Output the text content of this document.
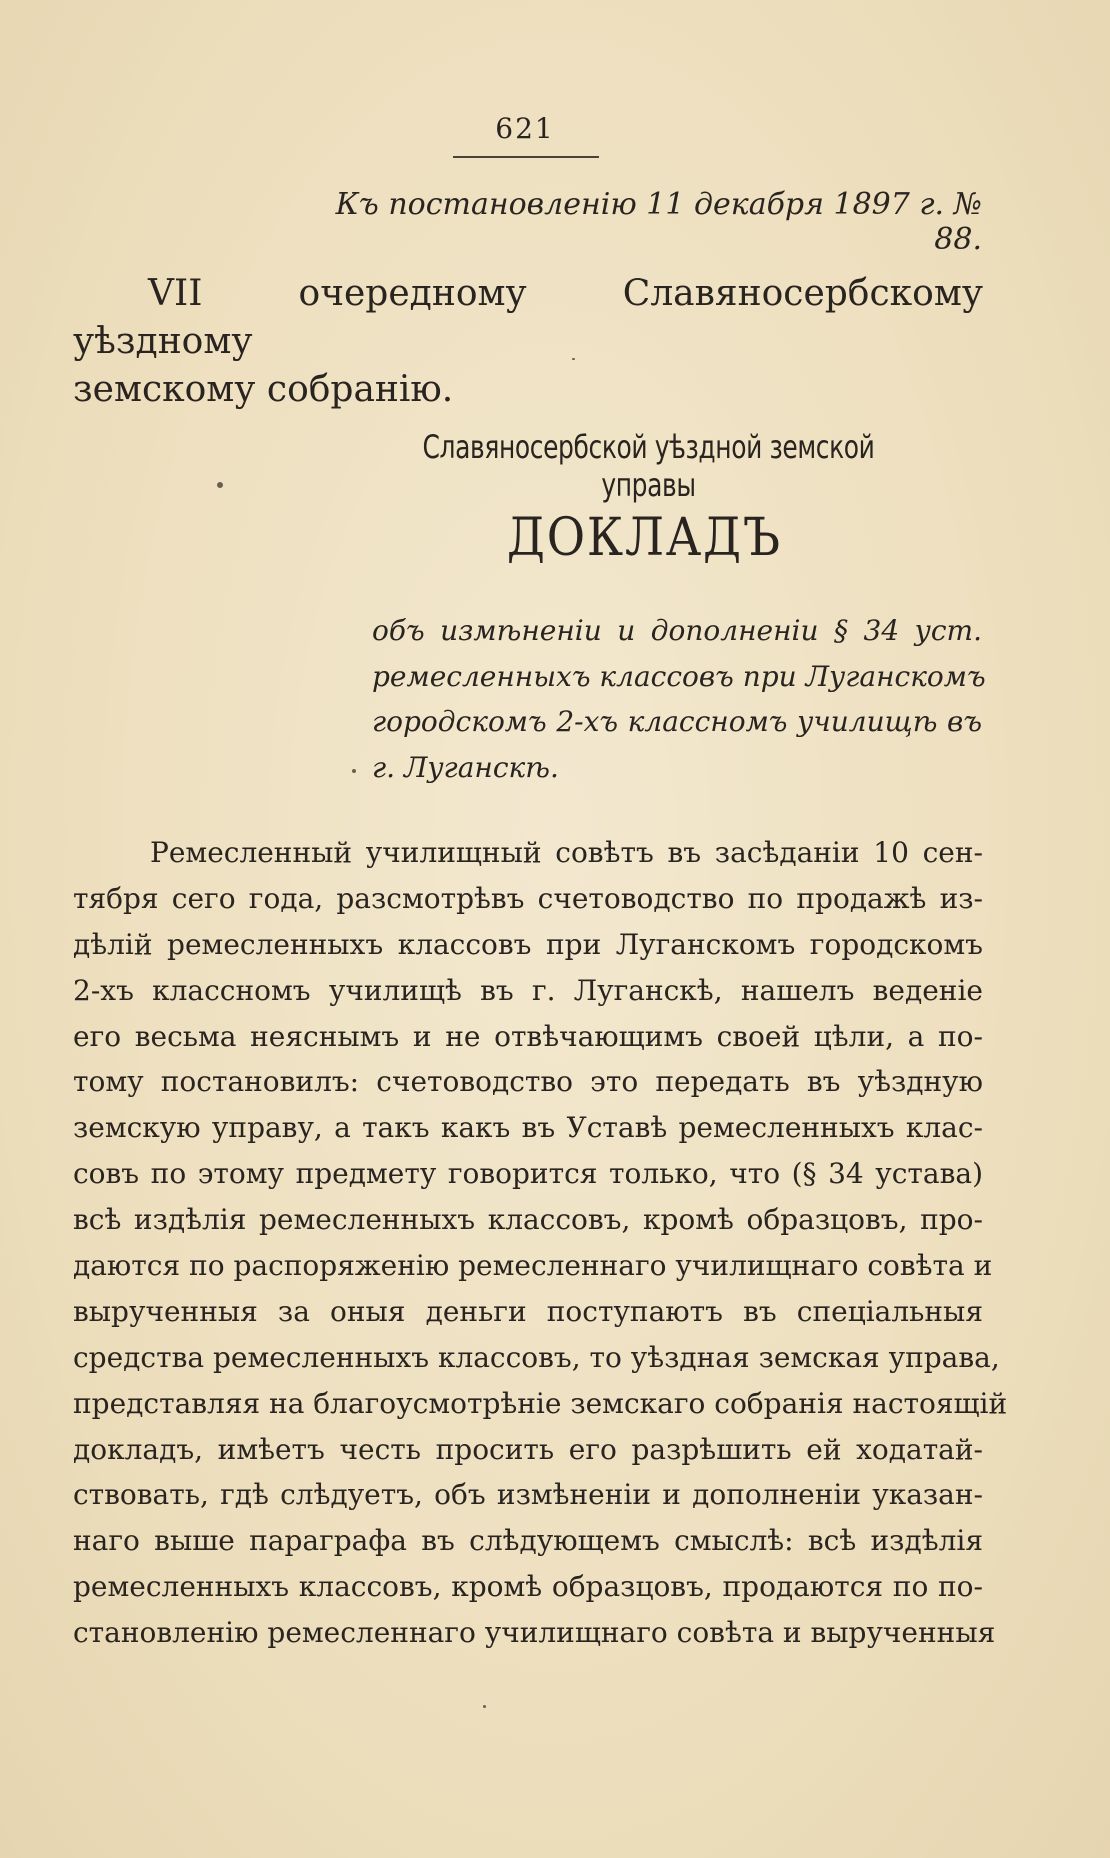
621
Къ постановленію 11 декабря 1897 г. № 88.
VII очередному Славяносербскому уѣздному
земскому собранію.
Славяносербской уѣздной земской управы
ДОКЛАДЪ
объ измѣненіи и дополненіи § 34 уст.
ремесленныхъ классовъ при Луганскомъ
городскомъ 2-хъ классномъ училищѣ въ
г. Луганскѣ.
Ремесленный училищный совѣтъ въ засѣданіи 10 сен-
тября сего года, разсмотрѣвъ счетоводство по продажѣ из-
дѣлій ремесленныхъ классовъ при Луганскомъ городскомъ
2-хъ классномъ училищѣ въ г. Луганскѣ, нашелъ веденіе
его весьма неяснымъ и не отвѣчающимъ своей цѣли, а по-
тому постановилъ: счетоводство это передать въ уѣздную
земскую управу, а такъ какъ въ Уставѣ ремесленныхъ клас-
совъ по этому предмету говорится только, что (§ 34 устава)
всѣ издѣлія ремесленныхъ классовъ, кромѣ образцовъ, про-
даются по распоряженію ремесленнаго училищнаго совѣта и
вырученныя за оныя деньги поступаютъ въ спеціальныя
средства ремесленныхъ классовъ, то уѣздная земская управа,
представляя на благоусмотрѣніе земскаго собранія настоящій
докладъ, имѣетъ честь просить его разрѣшить ей ходатай-
ствовать, гдѣ слѣдуетъ, объ измѣненіи и дополненіи указан-
наго выше параграфа въ слѣдующемъ смыслѣ: всѣ издѣлія
ремесленныхъ классовъ, кромѣ образцовъ, продаются по по-
становленію ремесленнаго училищнаго совѣта и вырученныя
